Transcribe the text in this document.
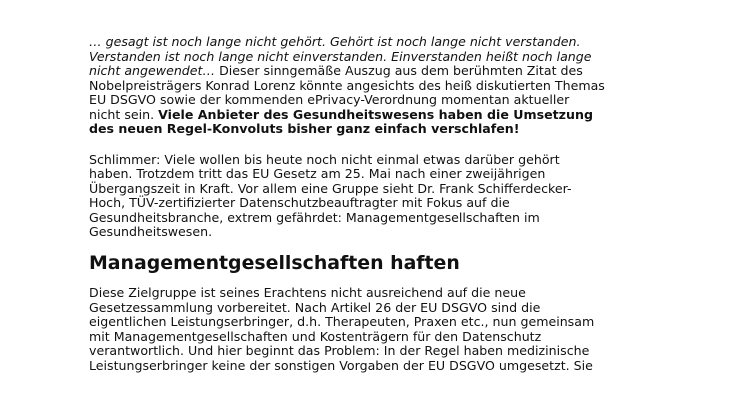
… gesagt ist noch lange nicht gehört. Gehört ist noch lange nicht verstanden.
Verstanden ist noch lange nicht einverstanden. Einverstanden heißt noch lange
nicht angewendet… Dieser sinngemäße Auszug aus dem berühmten Zitat des
Nobelpreisträgers Konrad Lorenz könnte angesichts des heiß diskutierten Themas
EU DSGVO sowie der kommenden ePrivacy-Verordnung momentan aktueller
nicht sein. Viele Anbieter des Gesundheitswesens haben die Umsetzung
des neuen Regel-Konvoluts bisher ganz einfach verschlafen!

Schlimmer: Viele wollen bis heute noch nicht einmal etwas darüber gehört
haben. Trotzdem tritt das EU Gesetz am 25. Mai nach einer zweijährigen
Übergangszeit in Kraft. Vor allem eine Gruppe sieht Dr. Frank Schifferdecker-
Hoch, TÜV-zertifizierter Datenschutzbeauftragter mit Fokus auf die
Gesundheitsbranche, extrem gefährdet: Managementgesellschaften im
Gesundheitswesen.

Managementgesellschaften haften

Diese Zielgruppe ist seines Erachtens nicht ausreichend auf die neue
Gesetzessammlung vorbereitet. Nach Artikel 26 der EU DSGVO sind die
eigentlichen Leistungserbringer, d.h. Therapeuten, Praxen etc., nun gemeinsam
mit Managementgesellschaften und Kostenträgern für den Datenschutz
verantwortlich. Und hier beginnt das Problem: In der Regel haben medizinische
Leistungserbringer keine der sonstigen Vorgaben der EU DSGVO umgesetzt. Sie
